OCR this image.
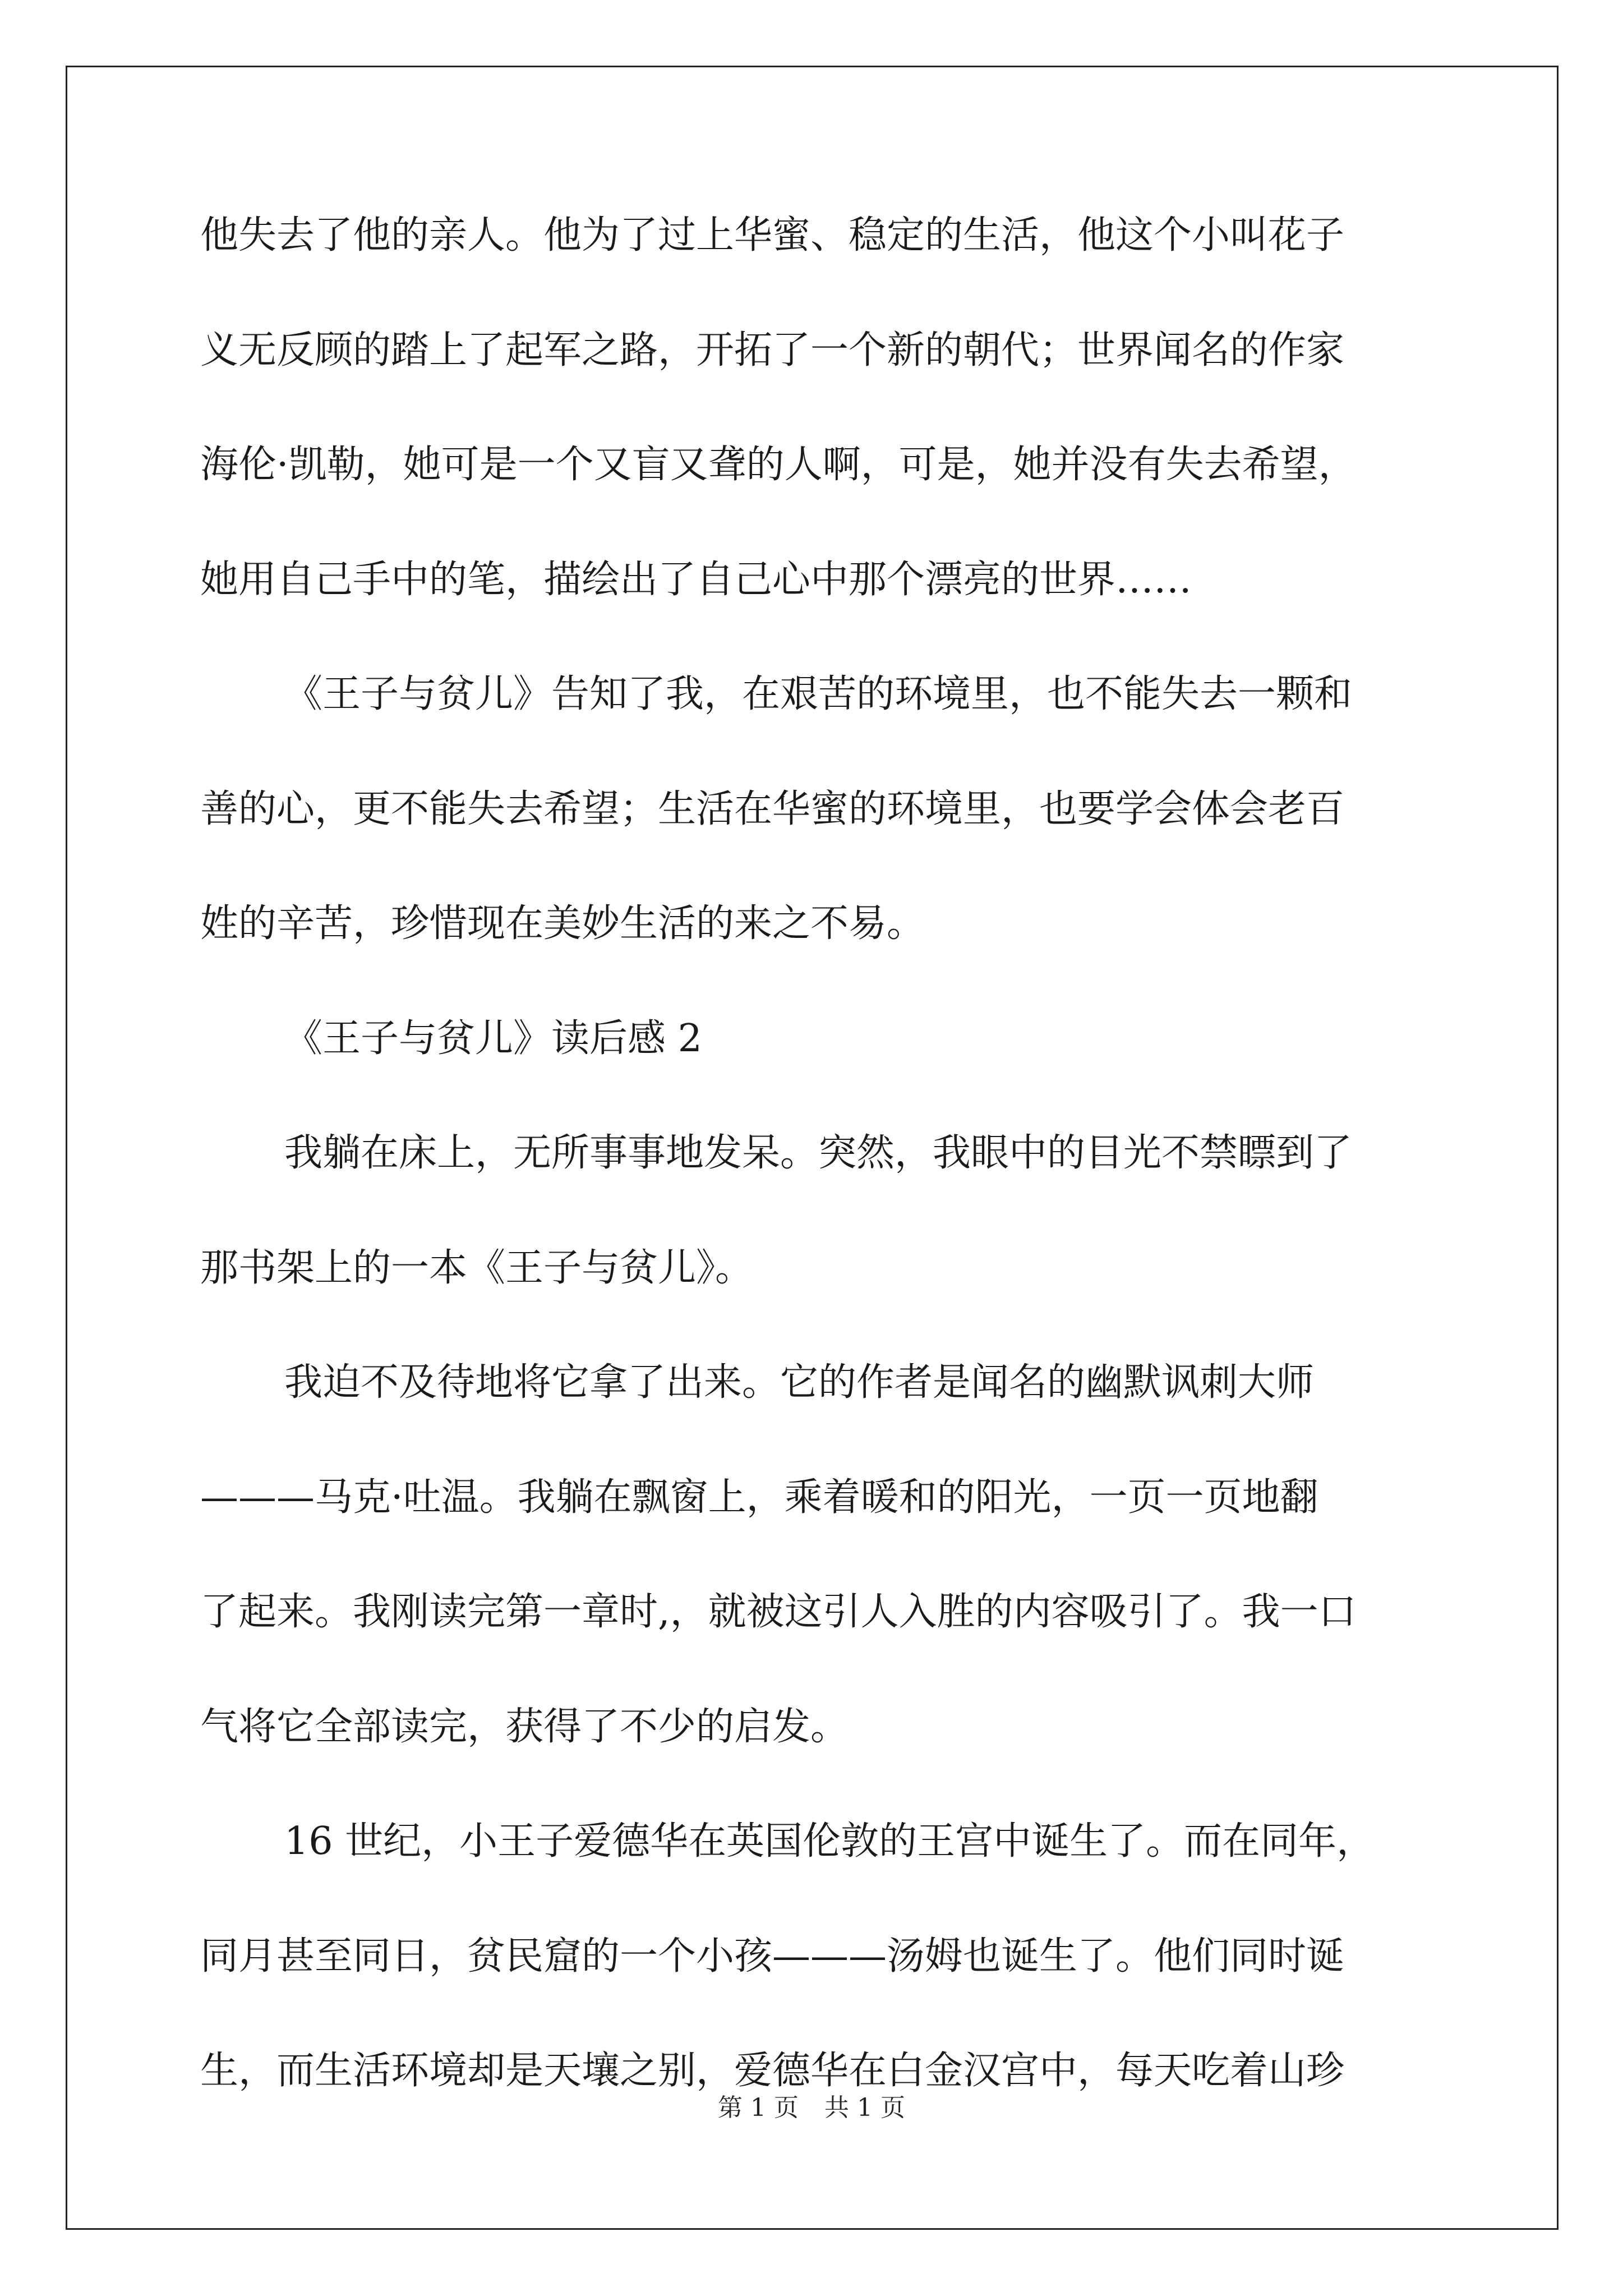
他失去了他的亲人。他为了过上华蜜、稳定的生活，他这个小叫花子
义无反顾的踏上了起军之路，开拓了一个新的朝代；世界闻名的作家
海伦·凯勒，她可是一个又盲又聋的人啊，可是，她并没有失去希望，
她用自己手中的笔，描绘出了自己心中那个漂亮的世界……
《王子与贫儿》告知了我，在艰苦的环境里，也不能失去一颗和
善的心，更不能失去希望；生活在华蜜的环境里，也要学会体会老百
姓的辛苦，珍惜现在美妙生活的来之不易。
《王子与贫儿》读后感 2
我躺在床上，无所事事地发呆。突然，我眼中的目光不禁瞟到了
那书架上的一本《王子与贫儿》。
我迫不及待地将它拿了出来。它的作者是闻名的幽默讽刺大师
———马克·吐温。我躺在飘窗上，乘着暖和的阳光，一页一页地翻
了起来。我刚读完第一章时,，就被这引人入胜的内容吸引了。我一口
气将它全部读完，获得了不少的启发。
16 世纪，小王子爱德华在英国伦敦的王宫中诞生了。而在同年，
同月甚至同日，贫民窟的一个小孩———汤姆也诞生了。他们同时诞
生，而生活环境却是天壤之别，爱德华在白金汉宫中，每天吃着山珍
第 1 页 共 1 页
